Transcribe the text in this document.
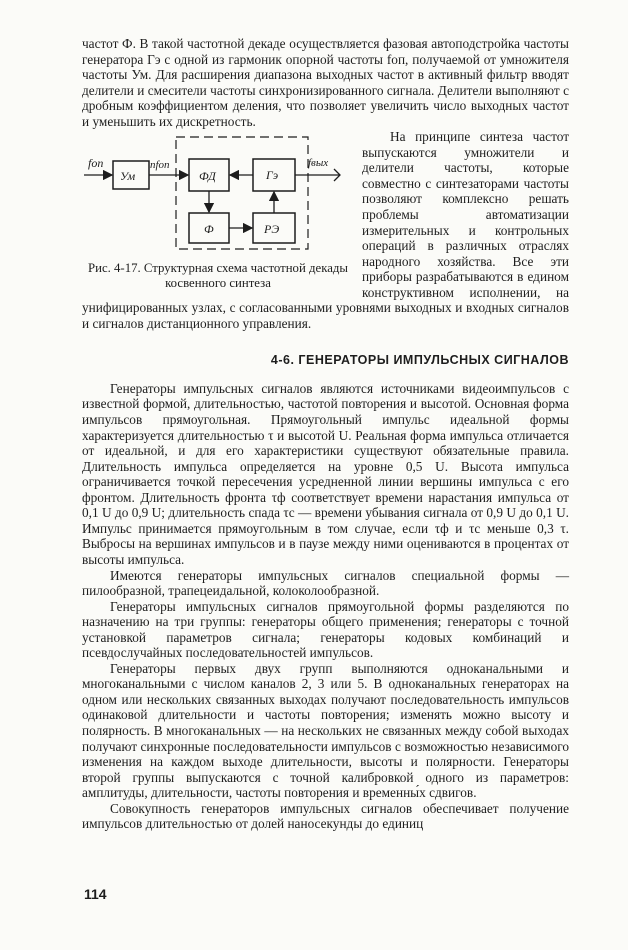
частот Ф. В такой частотной декаде осуществляется фазовая автоподстройка частоты генератора Гэ с одной из гармоник опорной частоты fоп, получаемой от умножителя частоты Ум. Для расширения диапазона выходных частот в активный фильтр вводят делители и смесители частоты синхронизированного сигнала. Делители выполняют с дробным коэффициентом деления, что позволяет увеличить число выходных частот и уменьшить их дискретность.

fоп
Ум
nfоп
ФД	Гэ
fвых
Ф	РЭ
Рис. 4-17. Структурная схема частотной декады косвенного синтеза

На принципе синтеза частот выпускаются умножители и делители частоты, которые совместно с синтезаторами частоты позволяют комплексно решать проблемы автоматизации измерительных и контрольных операций в различных отраслях народного хозяйства. Все эти приборы разрабатываются в едином конструктивном исполнении, на унифицированных узлах, с согласованными уровнями выходных и входных сигналов и сигналов дистанционного управления.

4-6. ГЕНЕРАТОРЫ ИМПУЛЬСНЫХ СИГНАЛОВ

Генераторы импульсных сигналов являются источниками видеоимпульсов с известной формой, длительностью, частотой повторения и высотой. Основная форма импульсов прямоугольная. Прямоугольный импульс идеальной формы характеризуется длительностью τ и высотой U. Реальная форма импульса отличается от идеальной, и для его характеристики существуют обязательные правила. Длительность импульса определяется на уровне 0,5 U. Высота импульса ограничивается точкой пересечения усредненной линии вершины импульса с его фронтом. Длительность фронта τф соответствует времени нарастания импульса от 0,1 U до 0,9 U; длительность спада τс — времени убывания сигнала от 0,9 U до 0,1 U. Импульс принимается прямоугольным в том случае, если τф и τс меньше 0,3 τ. Выбросы на вершинах импульсов и в паузе между ними оцениваются в процентах от высоты импульса.

Имеются генераторы импульсных сигналов специальной формы — пилообразной, трапецеидальной, колоколообразной.

Генераторы импульсных сигналов прямоугольной формы разделяются по назначению на три группы: генераторы общего применения; генераторы с точной установкой параметров сигнала; генераторы кодовых комбинаций и псевдослучайных последовательностей импульсов.

Генераторы первых двух групп выполняются одноканальными и многоканальными с числом каналов 2, 3 или 5. В одноканальных генераторах на одном или нескольких связанных выходах получают последовательность импульсов одинаковой длительности и частоты повторения; изменять можно высоту и полярность. В многоканальных — на нескольких не связанных между собой выходах получают синхронные последовательности импульсов с возможностью независимого изменения на каждом выходе длительности, высоты и полярности. Генераторы второй группы выпускаются с точной калибровкой одного из параметров: амплитуды, длительности, частоты повторения и временны́х сдвигов.

Совокупность генераторов импульсных сигналов обеспечивает получение импульсов длительностью от долей наносекунды до единиц

114
